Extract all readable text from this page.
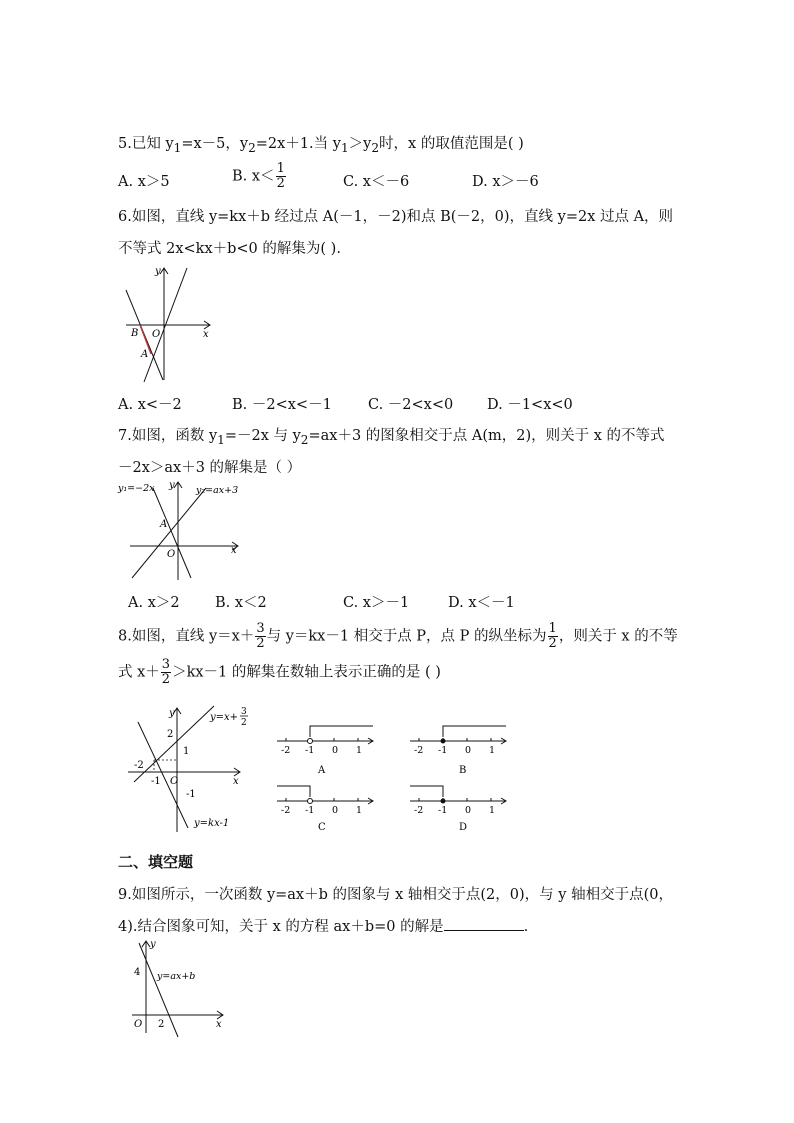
5.已知 $y_1=x-5$，$y_2=2x+1$.当 $y_1>y_2$时，x 的取值范围是( )
A. x＞5	B. $x< \frac{1}{2}$	C. x＜－6	D. x＞－6
6.如图，直线 y=kx＋b 经过点 A(－1，－2)和点 B(－2，0)，直线 y=2x 过点 A，则
不等式 2x<kx＋b<0 的解集为( ).
y
x
O
B
A
A. x<－2	B. －2<x<－1 C. －2<x<0 D. －1<x<0
7.如图，函数 $y_1=-2x$ 与 $y_2=ax+3$ 的图象相交于点 A(m，2)，则关于 x 的不等式
－2x＞ax＋3 的解集是（ ）
y₁=−2x	y₂=ax+3
y
x
O
A
A. x＞2 B. x＜2	C. x＞－1	D. x＜－1
8.如图，直线 $y=x+ \frac{3}{2}$ 与 y＝kx－1 相交于点 P，点 P 的纵坐标为 $\frac{1}{2}$ ，则关于 x 的不等
式 $x+ \frac{3}{2} >kx-1$ 的解集在数轴上表示正确的是 ( )
y
x
O
y=x+ 3
2
y=kx-1
2
1
-2
-1
-1
-2 -1 0 1
A
-2 -1 0 1
B
-2 -1 0 1
C
-2 -1 0 1
D
二、填空题
9.如图所示，一次函数 y=ax＋b 的图象与 x 轴相交于点(2，0)，与 y 轴相交于点(0，
4).结合图象可知，关于 x 的方程 ax＋b=0 的解是	.
y
x
O
4
2
y=ax+b
